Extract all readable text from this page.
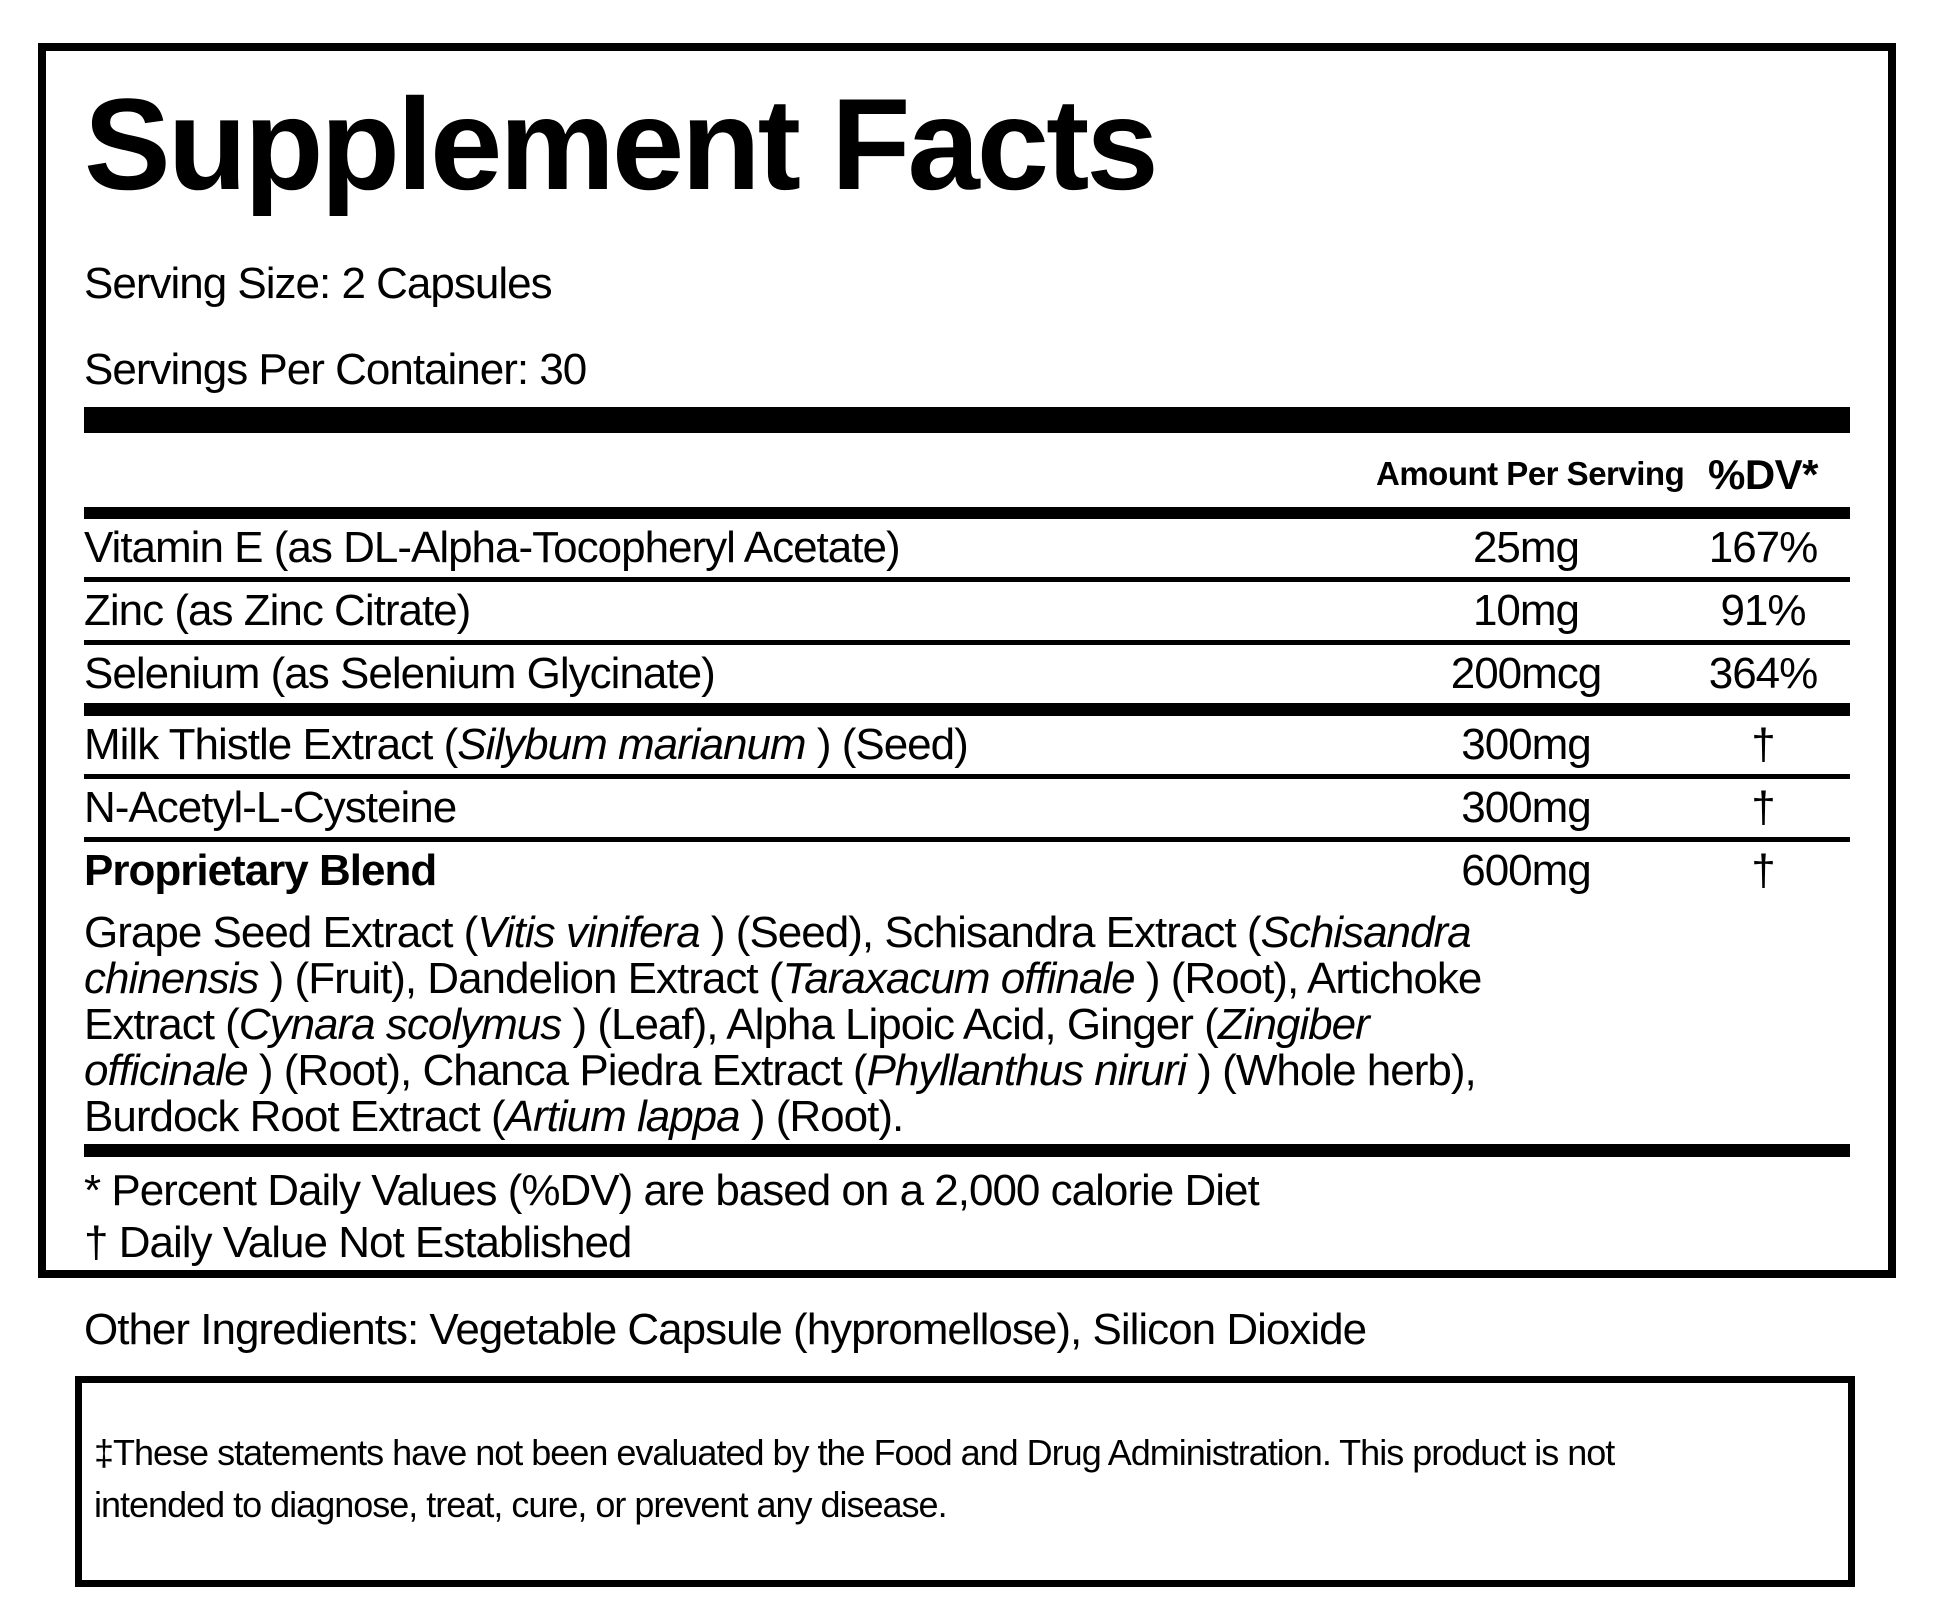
Supplement Facts
Serving Size: 2 Capsules
Servings Per Container: 30
Amount Per Serving %DV*
Vitamin E (as DL-Alpha-Tocopheryl Acetate)	25mg	167%
Zinc (as Zinc Citrate)	10mg	91%
Selenium (as Selenium Glycinate)	200mcg	364%
Milk Thistle Extract (Silybum marianum ) (Seed)	300mg	†
N-Acetyl-L-Cysteine	300mg	†
Proprietary Blend	600mg	†
Grape Seed Extract (Vitis vinifera ) (Seed), Schisandra Extract (Schisandra
chinensis ) (Fruit), Dandelion Extract (Taraxacum offinale ) (Root), Artichoke
Extract (Cynara scolymus ) (Leaf), Alpha Lipoic Acid, Ginger (Zingiber
officinale ) (Root), Chanca Piedra Extract (Phyllanthus niruri ) (Whole herb),
Burdock Root Extract (Artium lappa ) (Root).
* Percent Daily Values (%DV) are based on a 2,000 calorie Diet
† Daily Value Not Established
Other Ingredients: Vegetable Capsule (hypromellose), Silicon Dioxide
‡These statements have not been evaluated by the Food and Drug Administration. This product is not
intended to diagnose, treat, cure, or prevent any disease.
